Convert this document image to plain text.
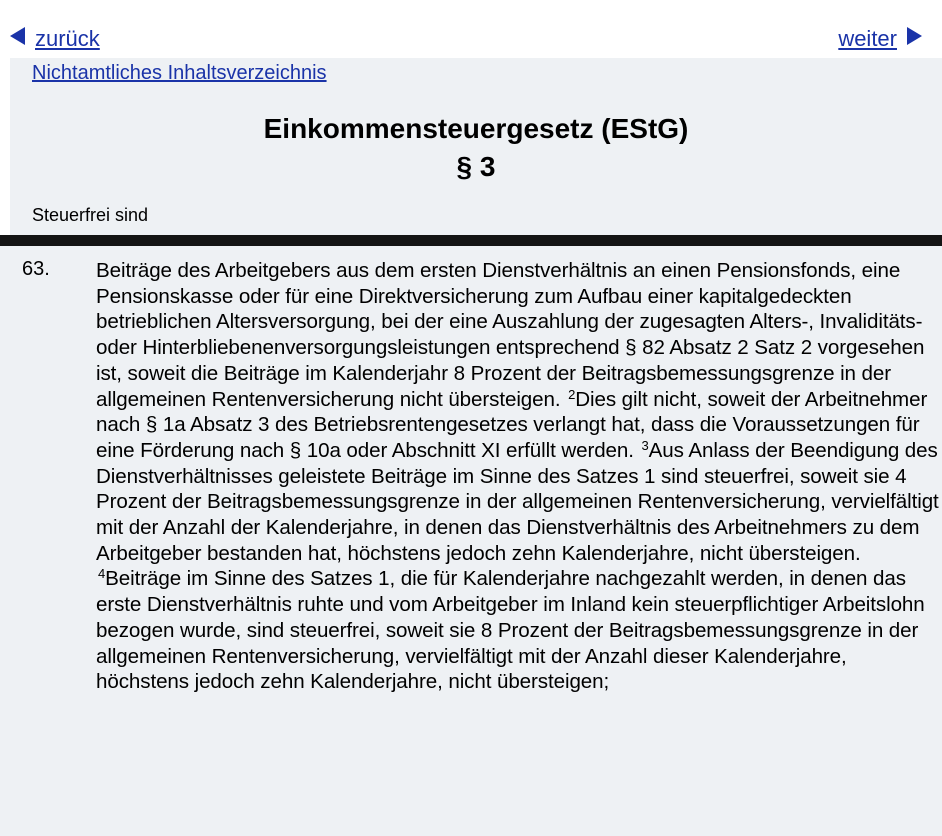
zurück	weiter
Nichtamtliches Inhaltsverzeichnis
Einkommensteuergesetz (EStG)
§ 3
Steuerfrei sind
63. Beiträge des Arbeitgebers aus dem ersten Dienstverhältnis an einen Pensionsfonds, eine Pensionskasse oder für eine Direktversicherung zum Aufbau einer kapitalgedeckten betrieblichen Altersversorgung, bei der eine Auszahlung der zugesagten Alters-, Invaliditäts- oder Hinterbliebenenversorgungsleistungen entsprechend § 82 Absatz 2 Satz 2 vorgesehen ist, soweit die Beiträge im Kalenderjahr 8 Prozent der Beitragsbemessungsgrenze in der allgemeinen Rentenversicherung nicht übersteigen. $^2$Dies gilt nicht, soweit der Arbeitnehmer nach § 1a Absatz 3 des Betriebsrentengesetzes verlangt hat, dass die Voraussetzungen für eine Förderung nach § 10a oder Abschnitt XI erfüllt werden. $^3$Aus Anlass der Beendigung des Dienstverhältnisses geleistete Beiträge im Sinne des Satzes 1 sind steuerfrei, soweit sie 4 Prozent der Beitragsbemessungsgrenze in der allgemeinen Rentenversicherung, vervielfältigt mit der Anzahl der Kalenderjahre, in denen das Dienstverhältnis des Arbeitnehmers zu dem Arbeitgeber bestanden hat, höchstens jedoch zehn Kalenderjahre, nicht übersteigen. $^4$Beiträge im Sinne des Satzes 1, die für Kalenderjahre nachgezahlt werden, in denen das erste Dienstverhältnis ruhte und vom Arbeitgeber im Inland kein steuerpflichtiger Arbeitslohn bezogen wurde, sind steuerfrei, soweit sie 8 Prozent der Beitragsbemessungsgrenze in der allgemeinen Rentenversicherung, vervielfältigt mit der Anzahl dieser Kalenderjahre, höchstens jedoch zehn Kalenderjahre, nicht übersteigen;
